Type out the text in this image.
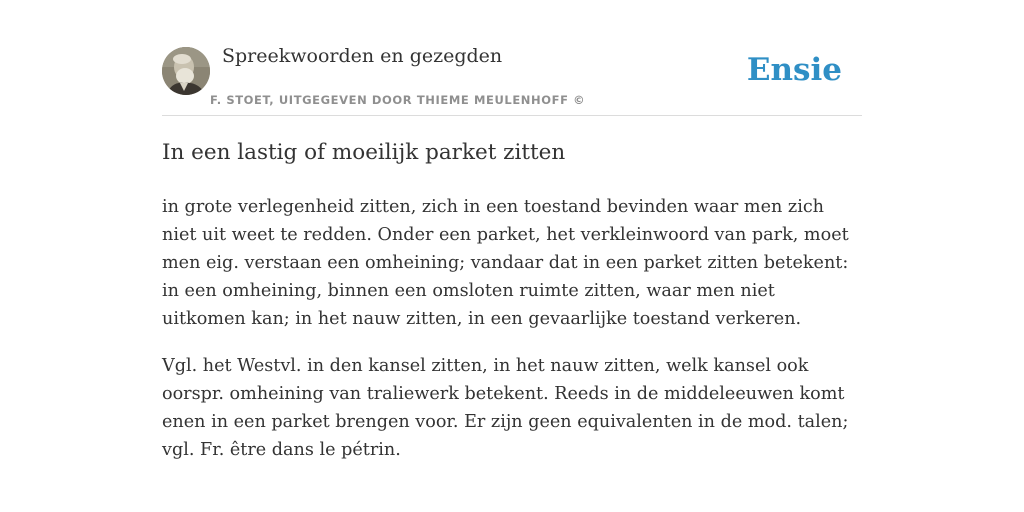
Spreekwoorden en gezegden
F. STOET, UITGEGEVEN DOOR THIEME MEULENHOFF ©
Ensie
In een lastig of moeilijk parket zitten

in grote verlegenheid zitten, zich in een toestand bevinden waar men zich niet uit weet te redden. Onder een parket, het verkleinwoord van park, moet men eig. verstaan een omheining; vandaar dat in een parket zitten betekent: in een omheining, binnen een omsloten ruimte zitten, waar men niet uitkomen kan; in het nauw zitten, in een gevaarlijke toestand verkeren.

Vgl. het Westvl. in den kansel zitten, in het nauw zitten, welk kansel ook oorspr. omheining van traliewerk betekent. Reeds in de middeleeuwen komt enen in een parket brengen voor. Er zijn geen equivalenten in de mod. talen; vgl. Fr. être dans le pétrin.
